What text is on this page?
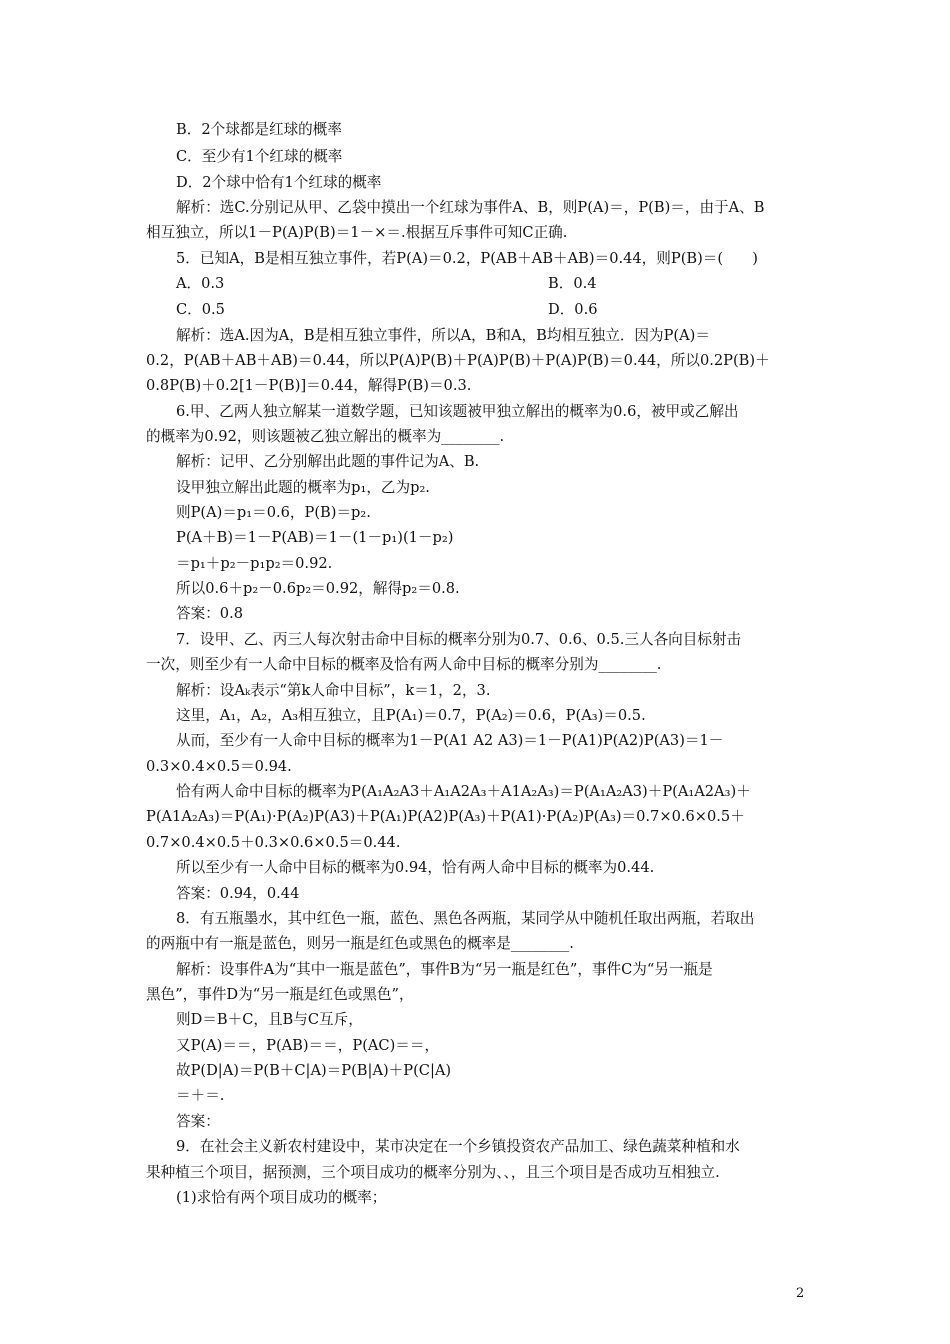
B．2个球都是红球的概率
C．至少有1个红球的概率
D．2个球中恰有1个红球的概率
解析：选C.分别记从甲、乙袋中摸出一个红球为事件A、B，则P(A)＝，P(B)＝，由于A、B
相互独立，所以1－P(A)P(B)＝1－×＝.根据互斥事件可知C正确.
5．已知A，B是相互独立事件，若P(A)＝0.2，P(AB＋AB＋AB)＝0.44，则P(B)＝(　　)
A．0.3	B．0.4
C．0.5	D．0.6
解析：选A.因为A，B是相互独立事件，所以A，B和A，B均相互独立．因为P(A)＝
0.2，P(AB＋AB＋AB)＝0.44，所以P(A)P(B)＋P(A)P(B)＋P(A)P(B)＝0.44，所以0.2P(B)＋
0.8P(B)＋0.2[1－P(B)]＝0.44，解得P(B)＝0.3.
6.甲、乙两人独立解某一道数学题，已知该题被甲独立解出的概率为0.6，被甲或乙解出
的概率为0.92，则该题被乙独立解出的概率为________.
解析：记甲、乙分别解出此题的事件记为A、B.
设甲独立解出此题的概率为p₁，乙为p₂.
则P(A)＝p₁＝0.6，P(B)＝p₂.
P(A＋B)＝1－P(AB)＝1－(1－p₁)(1－p₂)
＝p₁＋p₂－p₁p₂＝0.92.
所以0.6＋p₂－0.6p₂＝0.92，解得p₂＝0.8.
答案：0.8
7．设甲、乙、丙三人每次射击命中目标的概率分别为0.7、0.6、0.5.三人各向目标射击
一次，则至少有一人命中目标的概率及恰有两人命中目标的概率分别为________.
解析：设Aₖ表示“第k人命中目标”，k＝1，2，3.
这里，A₁，A₂，A₃相互独立，且P(A₁)＝0.7，P(A₂)＝0.6，P(A₃)＝0.5.
从而，至少有一人命中目标的概率为1－P(A1 A2 A3)＝1－P(A1)P(A2)P(A3)＝1－
0.3×0.4×0.5＝0.94.
恰有两人命中目标的概率为P(A₁A₂A3＋A₁A2A₃＋A1A₂A₃)＝P(A₁A₂A3)＋P(A₁A2A₃)＋
P(A1A₂A₃)＝P(A₁)·P(A₂)P(A3)＋P(A₁)P(A2)P(A₃)＋P(A1)·P(A₂)P(A₃)＝0.7×0.6×0.5＋
0.7×0.4×0.5＋0.3×0.6×0.5＝0.44.
所以至少有一人命中目标的概率为0.94，恰有两人命中目标的概率为0.44.
答案：0.94，0.44
8．有五瓶墨水，其中红色一瓶，蓝色、黑色各两瓶，某同学从中随机任取出两瓶，若取出
的两瓶中有一瓶是蓝色，则另一瓶是红色或黑色的概率是________.
解析：设事件A为“其中一瓶是蓝色”，事件B为“另一瓶是红色”，事件C为“另一瓶是
黑色”，事件D为“另一瓶是红色或黑色”，
则D＝B＋C，且B与C互斥，
又P(A)＝＝，P(AB)＝＝，P(AC)＝＝，
故P(D|A)＝P(B＋C|A)＝P(B|A)＋P(C|A)
＝＋＝.
答案：
9．在社会主义新农村建设中，某市决定在一个乡镇投资农产品加工、绿色蔬菜种植和水
果种植三个项目，据预测，三个项目成功的概率分别为、、，且三个项目是否成功互相独立.
(1)求恰有两个项目成功的概率；
2
